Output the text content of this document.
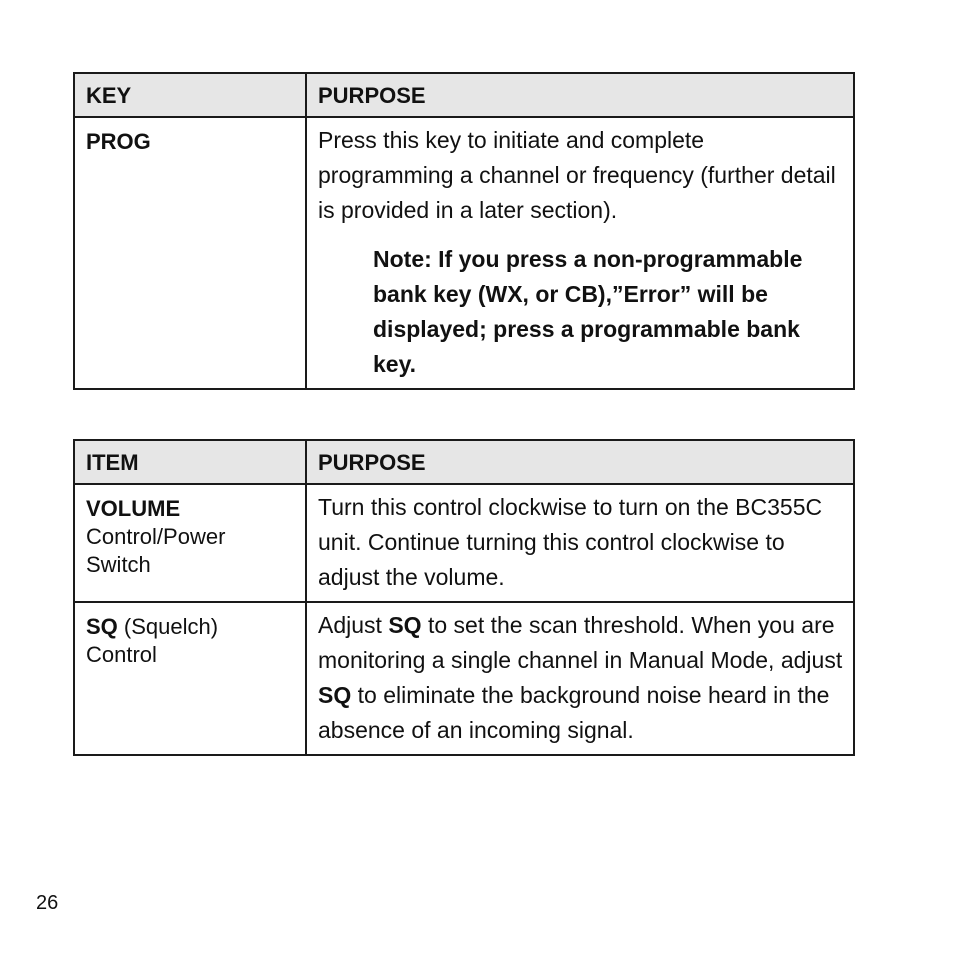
KEY	PURPOSE
PROG	Press this key to initiate and complete programming a channel or frequency (further detail is provided in a later section).
Note: If you press a non-programmable bank key (WX, or CB),”Error” will be displayed; press a programmable bank key.
ITEM	PURPOSE
VOLUME
Control/Power Switch	Turn this control clockwise to turn on the BC355C unit. Continue turning this control clockwise to adjust the volume.

SQ (Squelch) Control	Adjust SQ to set the scan threshold. When you are monitoring a single channel in Manual Mode, adjust SQ to eliminate the background noise heard in the absence of an incoming signal.
26
